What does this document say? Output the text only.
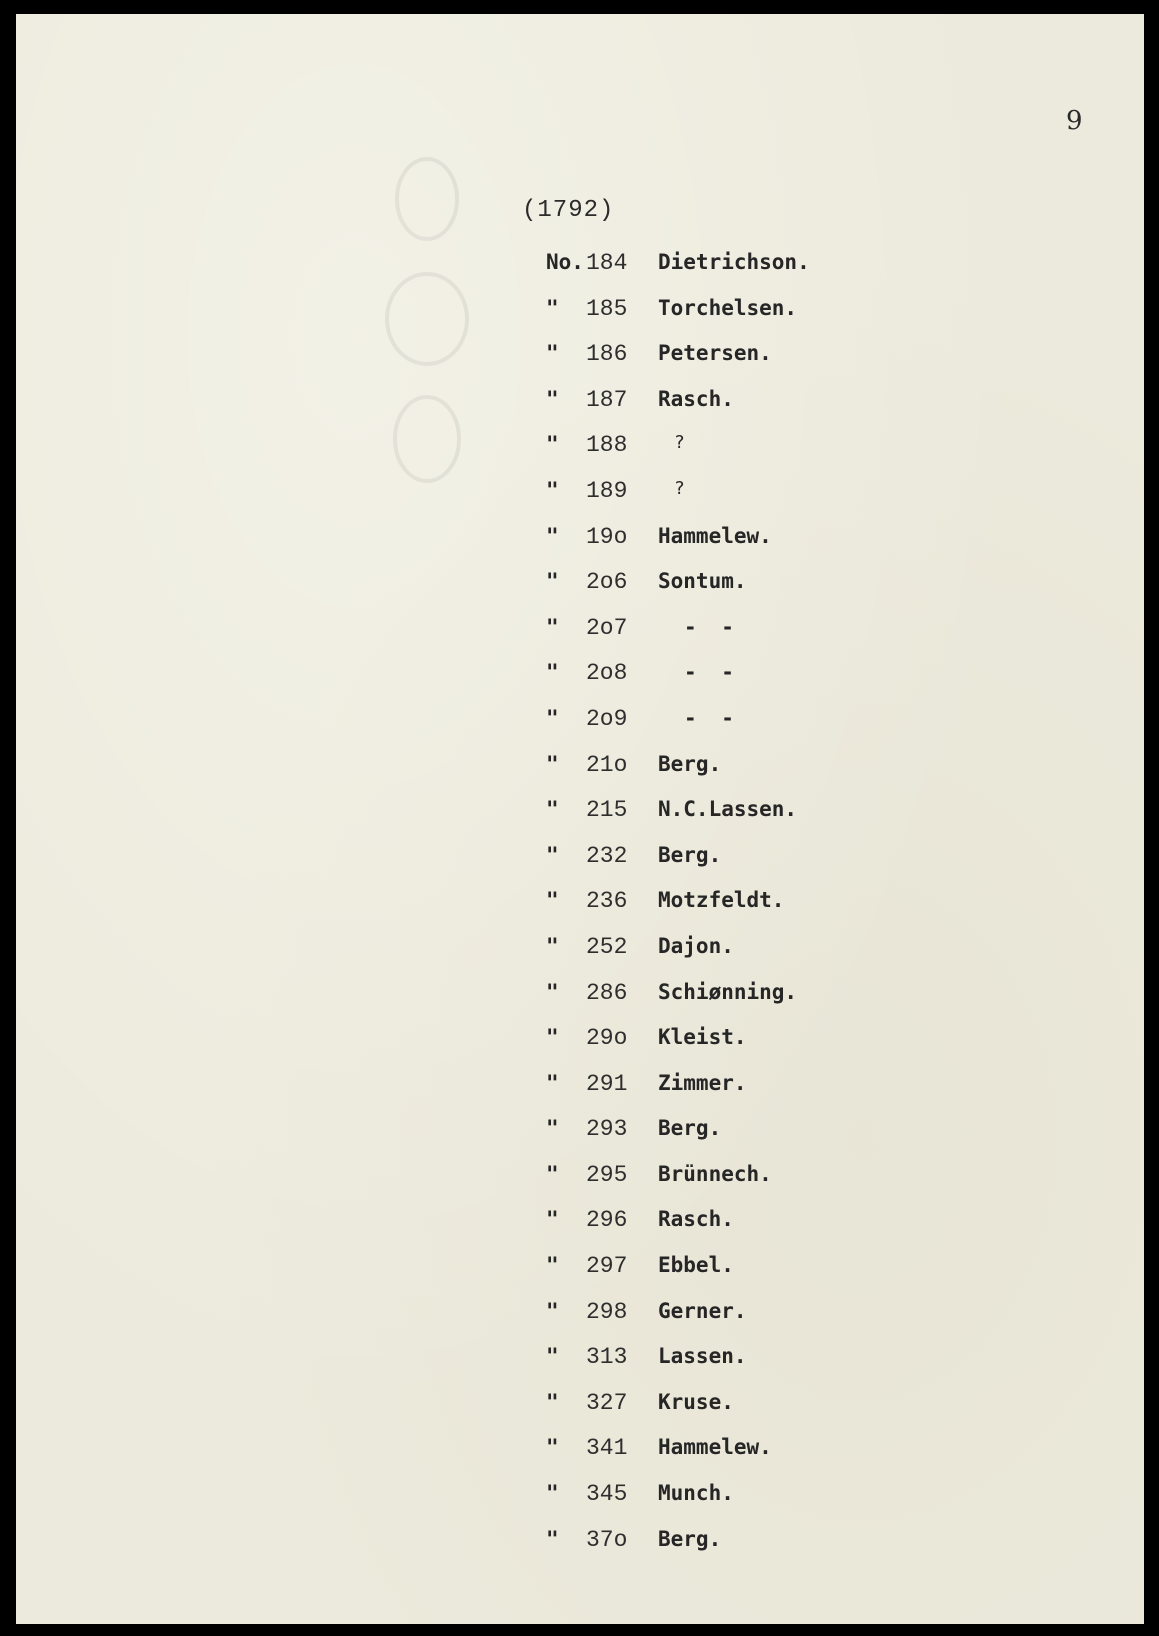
9
(1792)
No. 184 Dietrichson.
"	185 Torchelsen.
"	186 Petersen.
"	187 Rasch.
"	188	?
"	189	?
"	19o Hammelew.
"	2o6 Sontum.
"	2o7	- -
"	2o8	- -
"	2o9	- -
"	21o Berg.
"	215 N.C.Lassen.
"	232 Berg.
"	236 Motzfeldt.
"	252 Dajon.
"	286 Schiønning.
"	29o Kleist.
"	291 Zimmer.
"	293 Berg.
"	295 Brünnech.
"	296 Rasch.
"	297 Ebbel.
"	298 Gerner.
"	313 Lassen.
"	327 Kruse.
"	341 Hammelew.
"	345 Munch.
"	37o Berg.
